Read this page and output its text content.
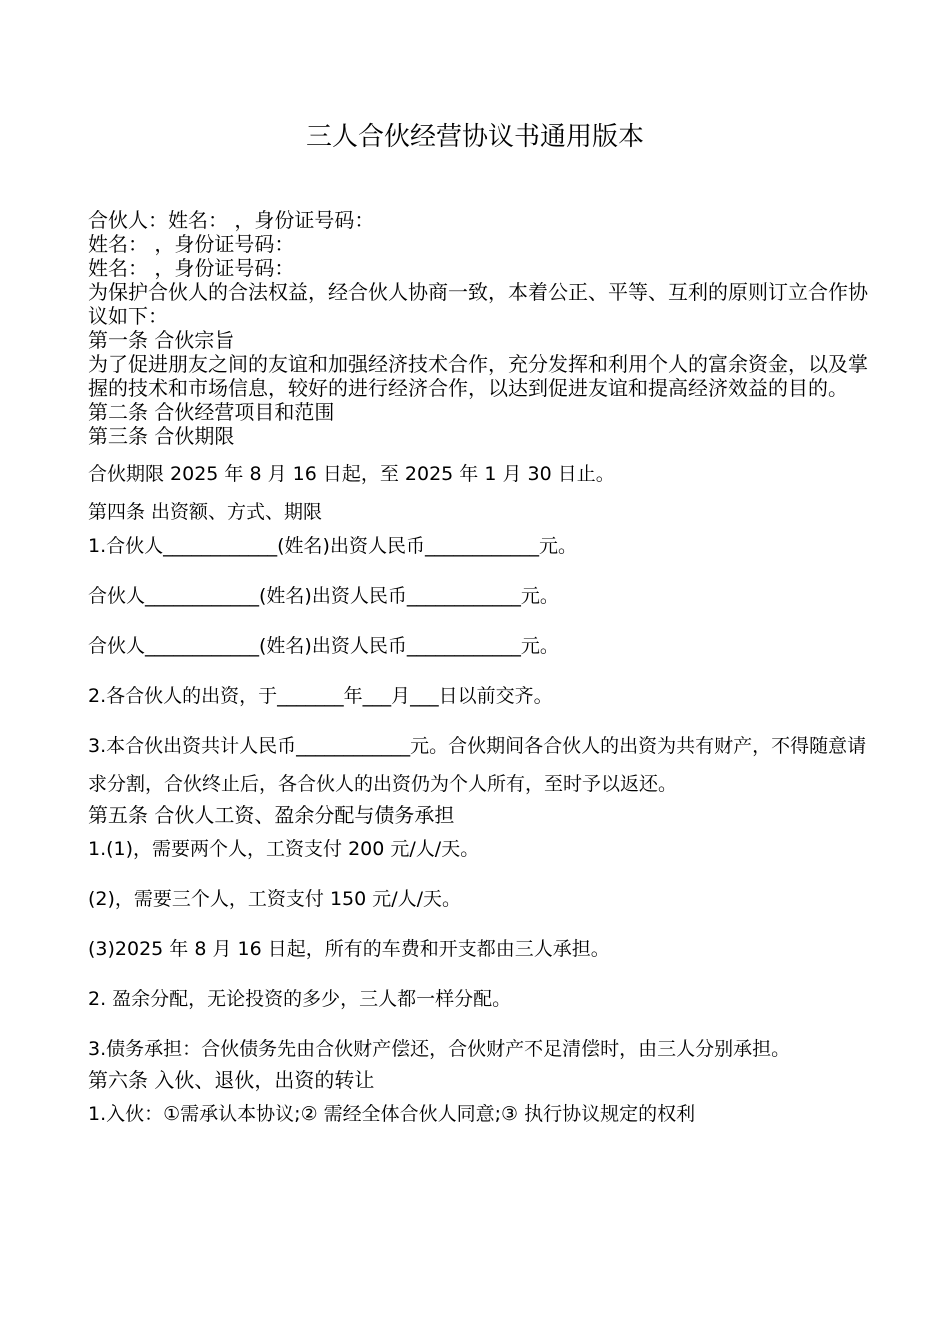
三人合伙经营协议书通用版本

合伙人：姓名： ，身份证号码：

姓名： ，身份证号码：

姓名： ，身份证号码：

为保护合伙人的合法权益，经合伙人协商一致，本着公正、平等、互利的原则订立合作协议如下：

第一条 合伙宗旨

为了促进朋友之间的友谊和加强经济技术合作，充分发挥和利用个人的富余资金，以及掌握的技术和市场信息，较好的进行经济合作，以达到促进友谊和提高经济效益的目的。

第二条 合伙经营项目和范围

第三条 合伙期限

合伙期限 2025 年 8 月 16 日起，至 2025 年 1 月 30 日止。

第四条 出资额、方式、期限

1.合伙人____________(姓名)出资人民币____________元。

合伙人____________(姓名)出资人民币____________元。

合伙人____________(姓名)出资人民币____________元。

2.各合伙人的出资，于_______年___月___日以前交齐。

3.本合伙出资共计人民币____________元。合伙期间各合伙人的出资为共有财产，不得随意请求分割，合伙终止后，各合伙人的出资仍为个人所有，至时予以返还。

第五条 合伙人工资、盈余分配与债务承担

1.(1)，需要两个人，工资支付 200 元/人/天。

(2)，需要三个人，工资支付 150 元/人/天。

(3)2025 年 8 月 16 日起，所有的车费和开支都由三人承担。

2. 盈余分配，无论投资的多少，三人都一样分配。

3.债务承担：合伙债务先由合伙财产偿还，合伙财产不足清偿时，由三人分别承担。

第六条 入伙、退伙，出资的转让

1.入伙：①需承认本协议;② 需经全体合伙人同意;③ 执行协议规定的权利
